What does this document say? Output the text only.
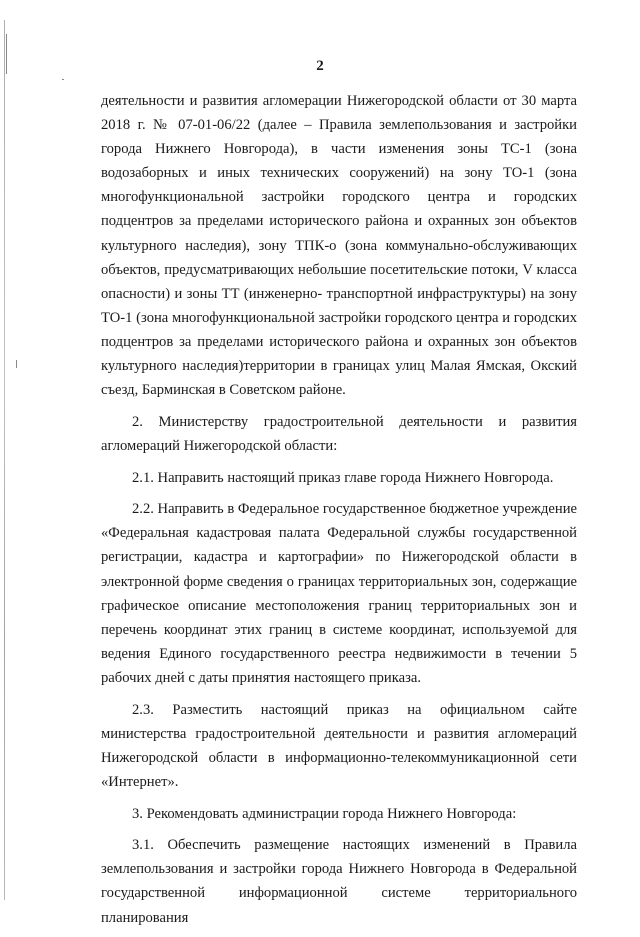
2

деятельности и развития агломерации Нижегородской области от 30 марта 2018 г. № 07-01-06/22 (далее – Правила землепользования и застройки города Нижнего Новгорода), в части изменения зоны ТС-1 (зона водозаборных и иных технических сооружений) на зону ТО-1 (зона многофункциональной застройки городского центра и городских подцентров за пределами исторического района и охранных зон объектов культурного наследия), зону ТПК-о (зона коммунально-обслуживающих объектов, предусматривающих небольшие посетительские потоки, V класса опасности) и зоны ТТ (инженерно- транспортной инфраструктуры) на зону ТО-1 (зона многофункциональной застройки городского центра и городских подцентров за пределами исторического района и охранных зон объектов культурного наследия)территории в границах улиц Малая Ямская, Окский съезд, Барминская в Советском районе.

2. Министерству градостроительной деятельности и развития агломераций Нижегородской области:

2.1. Направить настоящий приказ главе города Нижнего Новгорода.

2.2. Направить в Федеральное государственное бюджетное учреждение «Федеральная кадастровая палата Федеральной службы государственной регистрации, кадастра и картографии» по Нижегородской области в электронной форме сведения о границах территориальных зон, содержащие графическое описание местоположения границ территориальных зон и перечень координат этих границ в системе координат, используемой для ведения Единого государственного реестра недвижимости в течении 5 рабочих дней с даты принятия настоящего приказа.

2.3. Разместить настоящий приказ на официальном сайте министерства градостроительной деятельности и развития агломераций Нижегородской области в информационно-телекоммуникационной сети «Интернет».

3. Рекомендовать администрации города Нижнего Новгорода:

3.1. Обеспечить размещение настоящих изменений в Правила землепользования и застройки города Нижнего Новгорода в Федеральной государственной информационной системе территориального планирования
